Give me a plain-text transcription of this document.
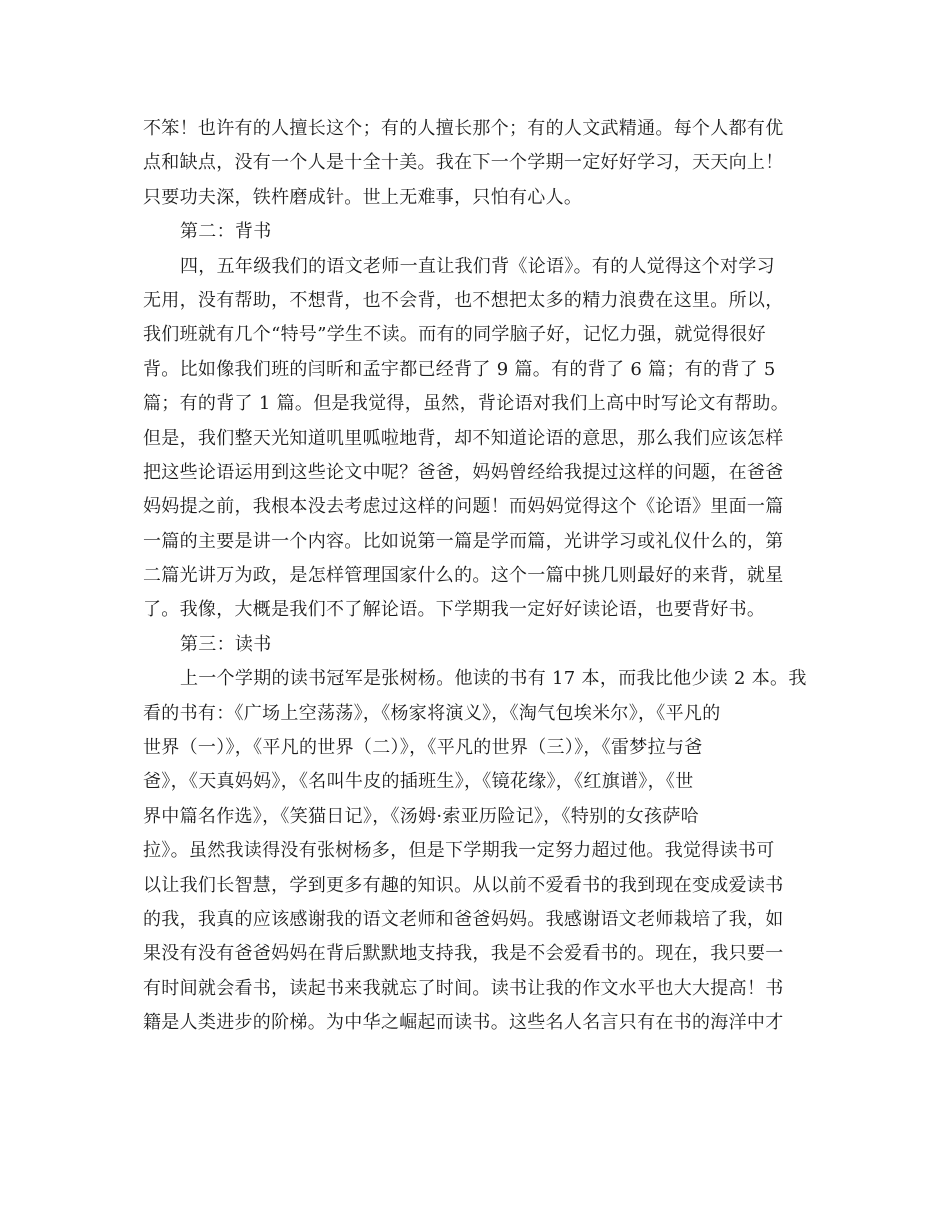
不笨！也许有的人擅长这个；有的人擅长那个；有的人文武精通。每个人都有优
点和缺点，没有一个人是十全十美。我在下一个学期一定好好学习，天天向上！
只要功夫深，铁杵磨成针。世上无难事，只怕有心人。
第二：背书
四，五年级我们的语文老师一直让我们背《论语》。有的人觉得这个对学习
无用，没有帮助，不想背，也不会背，也不想把太多的精力浪费在这里。所以，
我们班就有几个“特号”学生不读。而有的同学脑子好，记忆力强，就觉得很好
背。比如像我们班的闫昕和孟宇都已经背了 9 篇。有的背了 6 篇；有的背了 5
篇；有的背了 1 篇。但是我觉得，虽然，背论语对我们上高中时写论文有帮助。
但是，我们整天光知道叽里呱啦地背，却不知道论语的意思，那么我们应该怎样
把这些论语运用到这些论文中呢？爸爸，妈妈曾经给我提过这样的问题，在爸爸
妈妈提之前，我根本没去考虑过这样的问题！而妈妈觉得这个《论语》里面一篇
一篇的主要是讲一个内容。比如说第一篇是学而篇，光讲学习或礼仪什么的，第
二篇光讲万为政，是怎样管理国家什么的。这个一篇中挑几则最好的来背，就星
了。我像，大概是我们不了解论语。下学期我一定好好读论语，也要背好书。
第三：读书
上一个学期的读书冠军是张树杨。他读的书有 17 本，而我比他少读 2 本。我
看的书有：《广场上空荡荡》，《杨家将演义》，《淘气包埃米尔》，《平凡的
世界（一）》，《平凡的世界（二）》，《平凡的世界（三）》，《雷梦拉与爸
爸》，《天真妈妈》，《名叫牛皮的插班生》，《镜花缘》，《红旗谱》，《世
界中篇名作选》，《笑猫日记》，《汤姆·索亚历险记》，《特别的女孩萨哈
拉》。虽然我读得没有张树杨多，但是下学期我一定努力超过他。我觉得读书可
以让我们长智慧，学到更多有趣的知识。从以前不爱看书的我到现在变成爱读书
的我，我真的应该感谢我的语文老师和爸爸妈妈。我感谢语文老师栽培了我，如
果没有没有爸爸妈妈在背后默默地支持我，我是不会爱看书的。现在，我只要一
有时间就会看书，读起书来我就忘了时间。读书让我的作文水平也大大提高！书
籍是人类进步的阶梯。为中华之崛起而读书。这些名人名言只有在书的海洋中才
